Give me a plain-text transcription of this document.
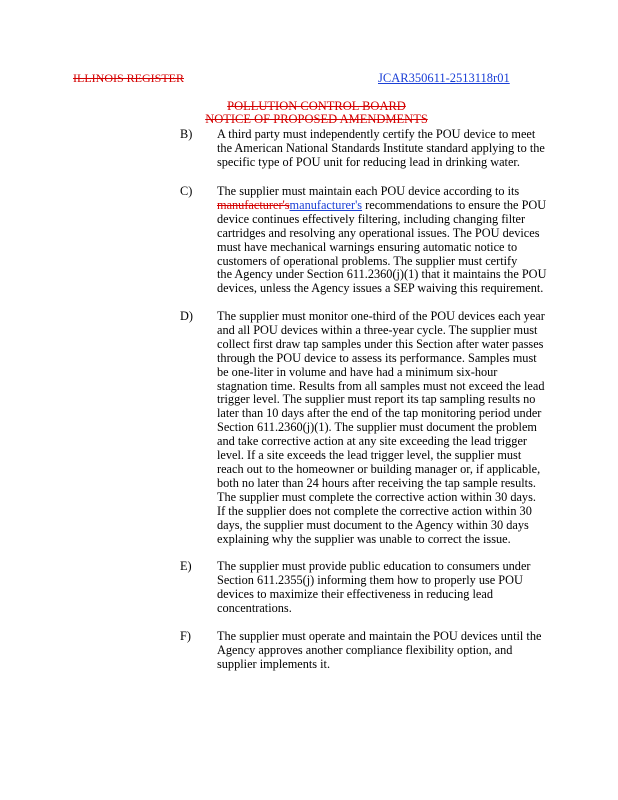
ILLINOIS REGISTER	JCAR350611-2513118r01
POLLUTION CONTROL BOARD
NOTICE OF PROPOSED AMENDMENTS
B) A third party must independently certify the POU device to meet
the American National Standards Institute standard applying to the
specific type of POU unit for reducing lead in drinking water.
C) The supplier must maintain each POU device according to its
manufacturer'smanufacturer's recommendations to ensure the POU
device continues effectively filtering, including changing filter
cartridges and resolving any operational issues. The POU devices
must have mechanical warnings ensuring automatic notice to
customers of operational problems. The supplier must certify
the Agency under Section 611.2360(j)(1) that it maintains the POU
devices, unless the Agency issues a SEP waiving this requirement.
D) The supplier must monitor one-third of the POU devices each year
and all POU devices within a three-year cycle. The supplier must
collect first draw tap samples under this Section after water passes
through the POU device to assess its performance. Samples must
be one-liter in volume and have had a minimum six-hour
stagnation time. Results from all samples must not exceed the lead
trigger level. The supplier must report its tap sampling results no
later than 10 days after the end of the tap monitoring period under
Section 611.2360(j)(1). The supplier must document the problem
and take corrective action at any site exceeding the lead trigger
level. If a site exceeds the lead trigger level, the supplier must
reach out to the homeowner or building manager or, if applicable,
both no later than 24 hours after receiving the tap sample results.
The supplier must complete the corrective action within 30 days.
If the supplier does not complete the corrective action within 30
days, the supplier must document to the Agency within 30 days
explaining why the supplier was unable to correct the issue.
E) The supplier must provide public education to consumers under
Section 611.2355(j) informing them how to properly use POU
devices to maximize their effectiveness in reducing lead
concentrations.
F) The supplier must operate and maintain the POU devices until the
Agency approves another compliance flexibility option, and
supplier implements it.
